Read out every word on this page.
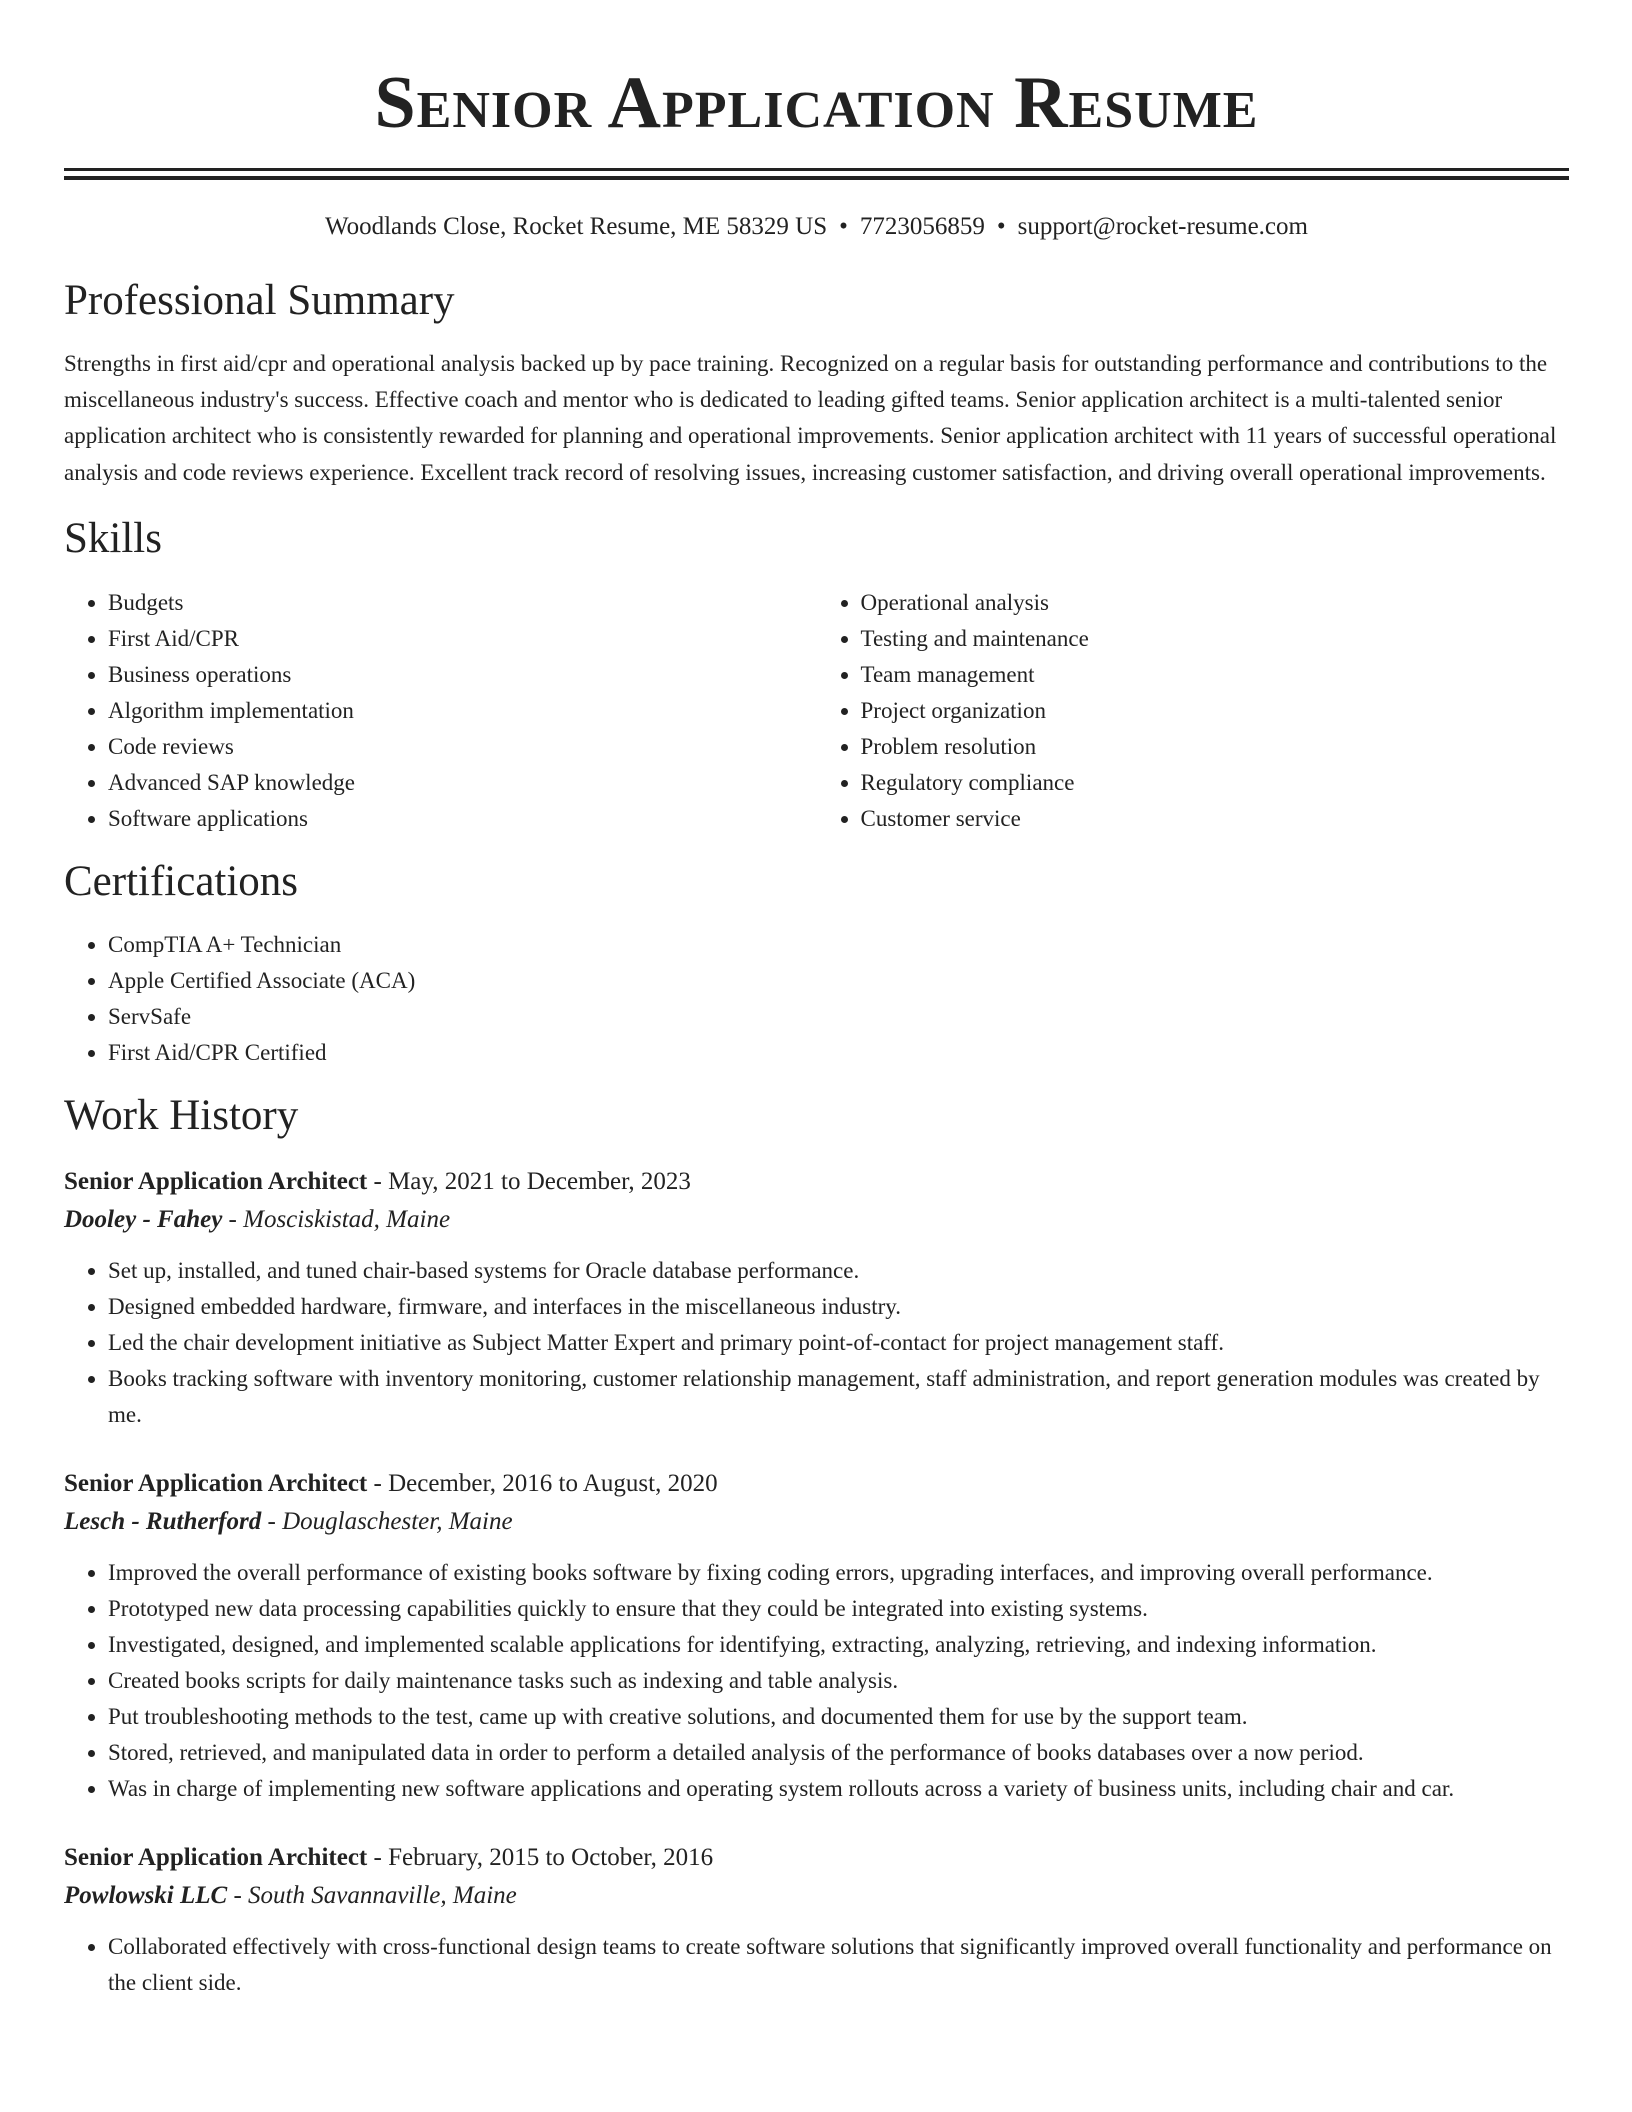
Senior Application Resume
Woodlands Close, Rocket Resume, ME 58329 US • 7723056859 • support@rocket-resume.com
Professional Summary
Strengths in first aid/cpr and operational analysis backed up by pace training. Recognized on a regular basis for outstanding performance and contributions to the miscellaneous industry's success. Effective coach and mentor who is dedicated to leading gifted teams. Senior application architect is a multi-talented senior application architect who is consistently rewarded for planning and operational improvements. Senior application architect with 11 years of successful operational analysis and code reviews experience. Excellent track record of resolving issues, increasing customer satisfaction, and driving overall operational improvements.
Skills
• Budgets
• First Aid/CPR
• Business operations
• Algorithm implementation
• Code reviews
• Advanced SAP knowledge
• Software applications
• Operational analysis
• Testing and maintenance
• Team management
• Project organization
• Problem resolution
• Regulatory compliance
• Customer service
Certifications
• CompTIA A+ Technician
• Apple Certified Associate (ACA)
• ServSafe
• First Aid/CPR Certified
Work History
Senior Application Architect - May, 2021 to December, 2023
Dooley - Fahey - Mosciskistad, Maine
• Set up, installed, and tuned chair-based systems for Oracle database performance.
• Designed embedded hardware, firmware, and interfaces in the miscellaneous industry.
• Led the chair development initiative as Subject Matter Expert and primary point-of-contact for project management staff.
• Books tracking software with inventory monitoring, customer relationship management, staff administration, and report generation modules was created by me.
Senior Application Architect - December, 2016 to August, 2020
Lesch - Rutherford - Douglaschester, Maine
• Improved the overall performance of existing books software by fixing coding errors, upgrading interfaces, and improving overall performance.
• Prototyped new data processing capabilities quickly to ensure that they could be integrated into existing systems.
• Investigated, designed, and implemented scalable applications for identifying, extracting, analyzing, retrieving, and indexing information.
• Created books scripts for daily maintenance tasks such as indexing and table analysis.
• Put troubleshooting methods to the test, came up with creative solutions, and documented them for use by the support team.
• Stored, retrieved, and manipulated data in order to perform a detailed analysis of the performance of books databases over a now period.
• Was in charge of implementing new software applications and operating system rollouts across a variety of business units, including chair and car.
Senior Application Architect - February, 2015 to October, 2016
Powlowski LLC - South Savannaville, Maine
• Collaborated effectively with cross-functional design teams to create software solutions that significantly improved overall functionality and performance on the client side.
